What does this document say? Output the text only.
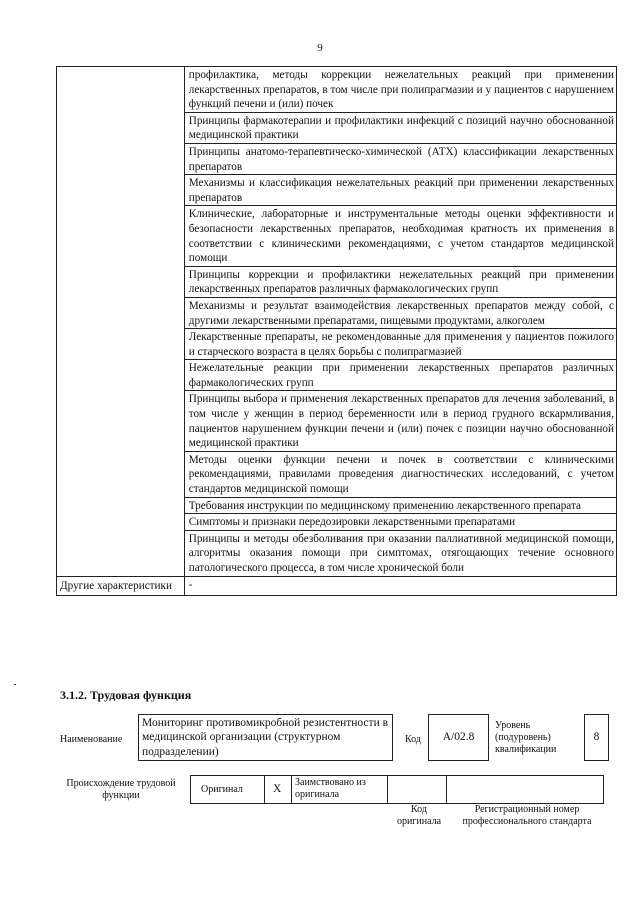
9

	профилактика, методы коррекции нежелательных реакций при применении лекарственных препаратов, в том числе при полипрагмазии и у пациентов с нарушением функций печени и (или) почек

	Принципы фармакотерапии и профилактики инфекций с позиций научно обоснованной медицинской практики

	Принципы анатомо-терапевтическо-химической (АТХ) классификации лекарственных препаратов

	Механизмы и классификация нежелательных реакций при применении лекарственных препаратов

	Клинические, лабораторные и инструментальные методы оценки эффективности и безопасности лекарственных препаратов, необходимая кратность их применения в соответствии с клиническими рекомендациями, с учетом стандартов медицинской помощи

	Принципы коррекции и профилактики нежелательных реакций при применении лекарственных препаратов различных фармакологических групп

	Механизмы и результат взаимодействия лекарственных препаратов между собой, с другими лекарственными препаратами, пищевыми продуктами, алкоголем

	Лекарственные препараты, не рекомендованные для применения у пациентов пожилого и старческого возраста в целях борьбы с полипрагмазией

	Нежелательные реакции при применении лекарственных препаратов различных фармакологических групп

	Принципы выбора и применения лекарственных препаратов для лечения заболеваний, в том числе у женщин в период беременности или в период грудного вскармливания, пациентов нарушением функции печени и (или) почек с позиции научно обоснованной медицинской практики

	Методы оценки функции печени и почек в соответствии с клиническими рекомендациями, правилами проведения диагностических исследований, с учетом стандартов медицинской помощи

	Требования инструкции по медицинскому применению лекарственного препарата

	Симптомы и признаки передозировки лекарственными препаратами

	Принципы и методы обезболивания при оказании паллиативной медицинской помощи, алгоритмы оказания помощи при симптомах, отягощающих течение основного патологического процесса, в том числе хронической боли

Другие характеристики	-
3.1.2. Трудовая функция
Наименование
Мониторинг противомикробной резистентности в медицинской организации (структурном подразделении)
Код A/02.8
Уровень (подуровень) квалификации
8
Происхождение трудовой функции
Оригинал	X
Заимствовано из оригинала
Код оригинала
Регистрационный номер профессионального стандарта
